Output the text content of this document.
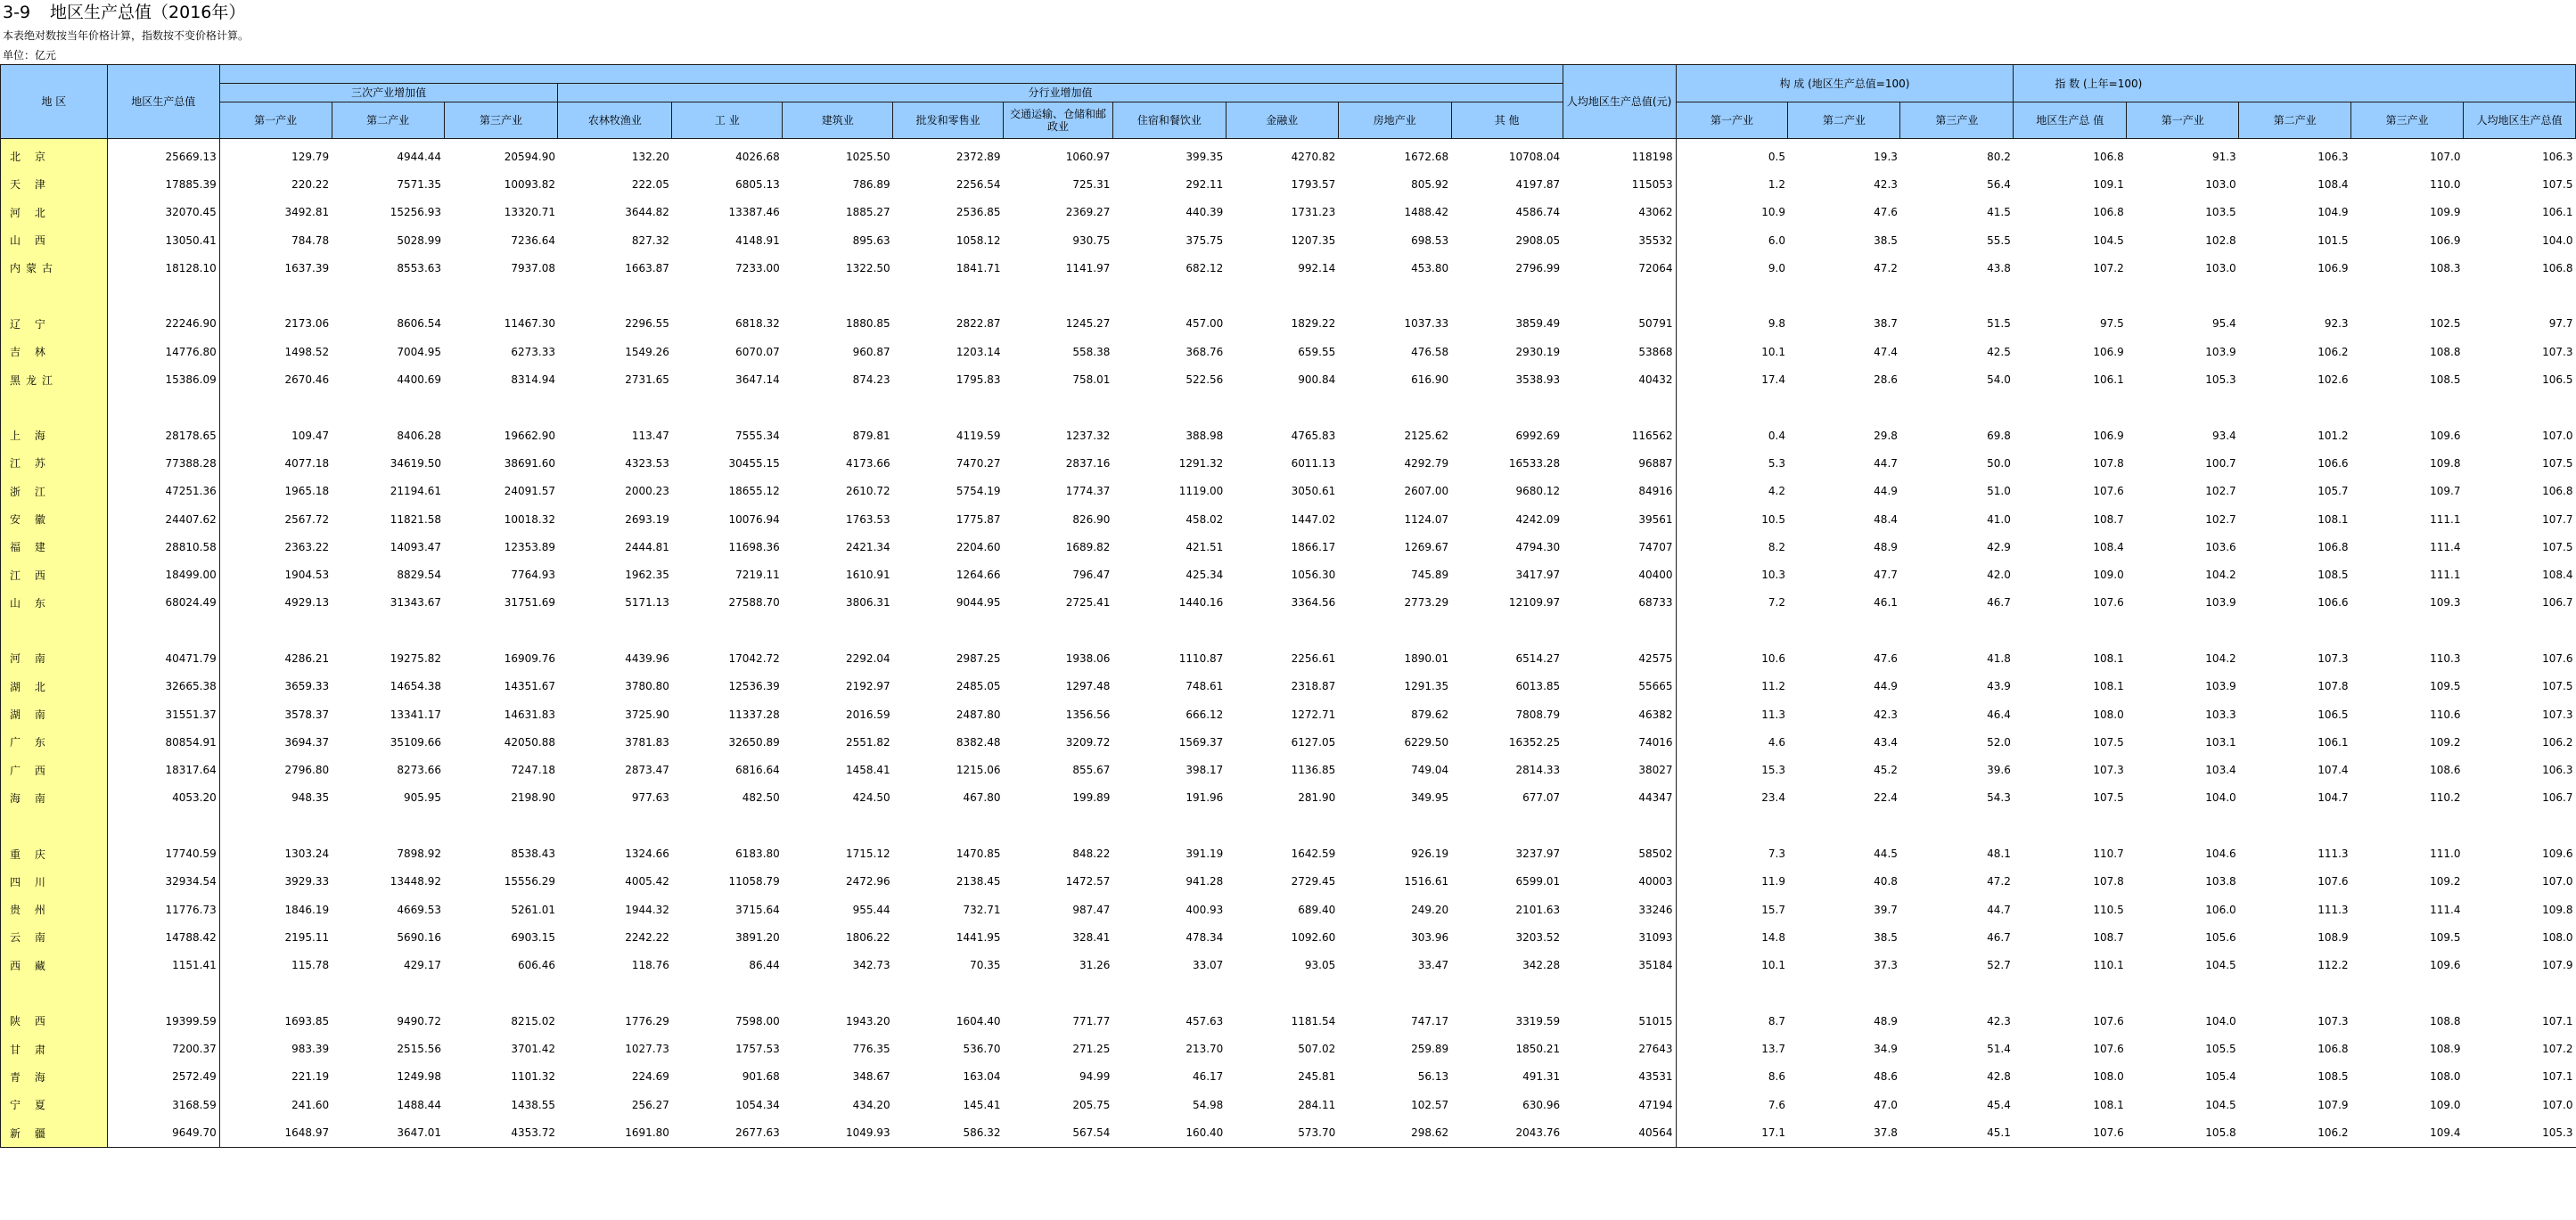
3-9 地区生产总值（2016年）
本表绝对数按当年价格计算，指数按不变价格计算。
单位：亿元
地 区	地区生产总值													人均地区生产总值(元)	构 成 (地区生产总值=100)			指 数 (上年=100)				
		三次产业增加值			分行业增加值																	
		第一产业	第二产业	第三产业	农林牧渔业	工 业	建筑业	批发和零售业	交通运输、仓储和邮政业	住宿和餐饮业	金融业	房地产业	其 他		第一产业	第二产业	第三产业	地区生产总 值	第一产业	第二产业	第三产业	人均地区生产总值
北 京	25669.13	129.79	4944.44	20594.90	132.20	4026.68	1025.50	2372.89	1060.97	399.35	4270.82	1672.68	10708.04	118198	0.5	19.3	80.2	106.8	91.3	106.3	107.0	106.3
天 津	17885.39	220.22	7571.35	10093.82	222.05	6805.13	786.89	2256.54	725.31	292.11	1793.57	805.92	4197.87	115053	1.2	42.3	56.4	109.1	103.0	108.4	110.0	107.5
河 北	32070.45	3492.81	15256.93	13320.71	3644.82	13387.46	1885.27	2536.85	2369.27	440.39	1731.23	1488.42	4586.74	43062	10.9	47.6	41.5	106.8	103.5	104.9	109.9	106.1
山 西	13050.41	784.78	5028.99	7236.64	827.32	4148.91	895.63	1058.12	930.75	375.75	1207.35	698.53	2908.05	35532	6.0	38.5	55.5	104.5	102.8	101.5	106.9	104.0
内蒙古	18128.10	1637.39	8553.63	7937.08	1663.87	7233.00	1322.50	1841.71	1141.97	682.12	992.14	453.80	2796.99	72064	9.0	47.2	43.8	107.2	103.0	106.9	108.3	106.8

辽 宁	22246.90	2173.06	8606.54	11467.30	2296.55	6818.32	1880.85	2822.87	1245.27	457.00	1829.22	1037.33	3859.49	50791	9.8	38.7	51.5	97.5	95.4	92.3	102.5	97.7
吉 林	14776.80	1498.52	7004.95	6273.33	1549.26	6070.07	960.87	1203.14	558.38	368.76	659.55	476.58	2930.19	53868	10.1	47.4	42.5	106.9	103.9	106.2	108.8	107.3
黑龙江	15386.09	2670.46	4400.69	8314.94	2731.65	3647.14	874.23	1795.83	758.01	522.56	900.84	616.90	3538.93	40432	17.4	28.6	54.0	106.1	105.3	102.6	108.5	106.5

上 海	28178.65	109.47	8406.28	19662.90	113.47	7555.34	879.81	4119.59	1237.32	388.98	4765.83	2125.62	6992.69	116562	0.4	29.8	69.8	106.9	93.4	101.2	109.6	107.0
江 苏	77388.28	4077.18	34619.50	38691.60	4323.53	30455.15	4173.66	7470.27	2837.16	1291.32	6011.13	4292.79	16533.28	96887	5.3	44.7	50.0	107.8	100.7	106.6	109.8	107.5
浙 江	47251.36	1965.18	21194.61	24091.57	2000.23	18655.12	2610.72	5754.19	1774.37	1119.00	3050.61	2607.00	9680.12	84916	4.2	44.9	51.0	107.6	102.7	105.7	109.7	106.8
安 徽	24407.62	2567.72	11821.58	10018.32	2693.19	10076.94	1763.53	1775.87	826.90	458.02	1447.02	1124.07	4242.09	39561	10.5	48.4	41.0	108.7	102.7	108.1	111.1	107.7
福 建	28810.58	2363.22	14093.47	12353.89	2444.81	11698.36	2421.34	2204.60	1689.82	421.51	1866.17	1269.67	4794.30	74707	8.2	48.9	42.9	108.4	103.6	106.8	111.4	107.5
江 西	18499.00	1904.53	8829.54	7764.93	1962.35	7219.11	1610.91	1264.66	796.47	425.34	1056.30	745.89	3417.97	40400	10.3	47.7	42.0	109.0	104.2	108.5	111.1	108.4
山 东	68024.49	4929.13	31343.67	31751.69	5171.13	27588.70	3806.31	9044.95	2725.41	1440.16	3364.56	2773.29	12109.97	68733	7.2	46.1	46.7	107.6	103.9	106.6	109.3	106.7

河 南	40471.79	4286.21	19275.82	16909.76	4439.96	17042.72	2292.04	2987.25	1938.06	1110.87	2256.61	1890.01	6514.27	42575	10.6	47.6	41.8	108.1	104.2	107.3	110.3	107.6
湖 北	32665.38	3659.33	14654.38	14351.67	3780.80	12536.39	2192.97	2485.05	1297.48	748.61	2318.87	1291.35	6013.85	55665	11.2	44.9	43.9	108.1	103.9	107.8	109.5	107.5
湖 南	31551.37	3578.37	13341.17	14631.83	3725.90	11337.28	2016.59	2487.80	1356.56	666.12	1272.71	879.62	7808.79	46382	11.3	42.3	46.4	108.0	103.3	106.5	110.6	107.3
广 东	80854.91	3694.37	35109.66	42050.88	3781.83	32650.89	2551.82	8382.48	3209.72	1569.37	6127.05	6229.50	16352.25	74016	4.6	43.4	52.0	107.5	103.1	106.1	109.2	106.2
广 西	18317.64	2796.80	8273.66	7247.18	2873.47	6816.64	1458.41	1215.06	855.67	398.17	1136.85	749.04	2814.33	38027	15.3	45.2	39.6	107.3	103.4	107.4	108.6	106.3
海 南	4053.20	948.35	905.95	2198.90	977.63	482.50	424.50	467.80	199.89	191.96	281.90	349.95	677.07	44347	23.4	22.4	54.3	107.5	104.0	104.7	110.2	106.7

重 庆	17740.59	1303.24	7898.92	8538.43	1324.66	6183.80	1715.12	1470.85	848.22	391.19	1642.59	926.19	3237.97	58502	7.3	44.5	48.1	110.7	104.6	111.3	111.0	109.6
四 川	32934.54	3929.33	13448.92	15556.29	4005.42	11058.79	2472.96	2138.45	1472.57	941.28	2729.45	1516.61	6599.01	40003	11.9	40.8	47.2	107.8	103.8	107.6	109.2	107.0
贵 州	11776.73	1846.19	4669.53	5261.01	1944.32	3715.64	955.44	732.71	987.47	400.93	689.40	249.20	2101.63	33246	15.7	39.7	44.7	110.5	106.0	111.3	111.4	109.8
云 南	14788.42	2195.11	5690.16	6903.15	2242.22	3891.20	1806.22	1441.95	328.41	478.34	1092.60	303.96	3203.52	31093	14.8	38.5	46.7	108.7	105.6	108.9	109.5	108.0
西 藏	1151.41	115.78	429.17	606.46	118.76	86.44	342.73	70.35	31.26	33.07	93.05	33.47	342.28	35184	10.1	37.3	52.7	110.1	104.5	112.2	109.6	107.9

陕 西	19399.59	1693.85	9490.72	8215.02	1776.29	7598.00	1943.20	1604.40	771.77	457.63	1181.54	747.17	3319.59	51015	8.7	48.9	42.3	107.6	104.0	107.3	108.8	107.1
甘 肃	7200.37	983.39	2515.56	3701.42	1027.73	1757.53	776.35	536.70	271.25	213.70	507.02	259.89	1850.21	27643	13.7	34.9	51.4	107.6	105.5	106.8	108.9	107.2
青 海	2572.49	221.19	1249.98	1101.32	224.69	901.68	348.67	163.04	94.99	46.17	245.81	56.13	491.31	43531	8.6	48.6	42.8	108.0	105.4	108.5	108.0	107.1
宁 夏	3168.59	241.60	1488.44	1438.55	256.27	1054.34	434.20	145.41	205.75	54.98	284.11	102.57	630.96	47194	7.6	47.0	45.4	108.1	104.5	107.9	109.0	107.0
新 疆	9649.70	1648.97	3647.01	4353.72	1691.80	2677.63	1049.93	586.32	567.54	160.40	573.70	298.62	2043.76	40564	17.1	37.8	45.1	107.6	105.8	106.2	109.4	105.3
